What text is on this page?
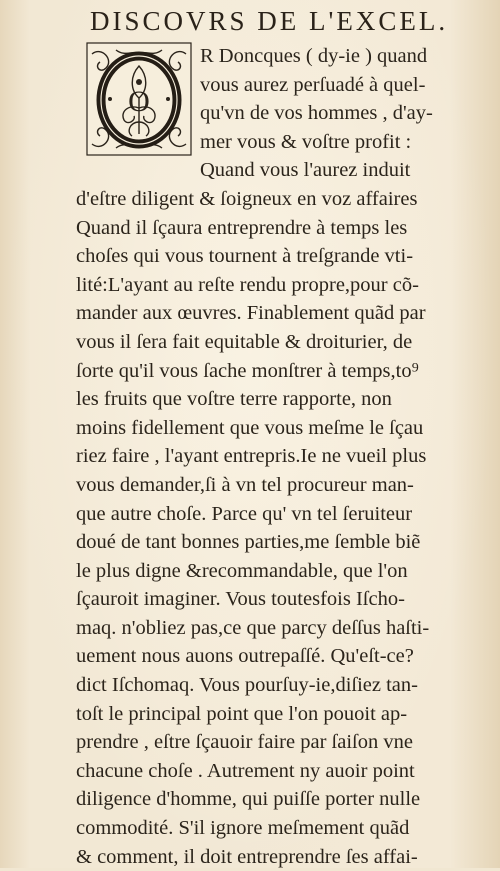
DISCOVRS DE L'EXCEL.
O
R Doncques ( dy-ie ) quand
vous aurez perſuadé à quel-
qu'vn de vos hommes , d'ay-
mer vous & voſtre profit :
Quand vous l'aurez induit
d'eſtre diligent & ſoigneux en voz affaires
Quand il ſçaura entreprendre à temps les
choſes qui vous tournent à treſgrande vti-
lité:L'ayant au reſte rendu propre,pour cõ-
mander aux œuvres. Finablement quãd par
vous il ſera fait equitable & droiturier, de
ſorte qu'il vous ſache monſtrer à temps,to⁹
les fruits que voſtre terre rapporte, non
moins fidellement que vous meſme le ſçau
riez faire , l'ayant entrepris.Ie ne vueil plus
vous demander,ſi à vn tel procureur man-
que autre choſe. Parce qu' vn tel ſeruiteur
doué de tant bonnes parties,me ſemble biẽ
le plus digne &recommandable, que l'on
ſçauroit imaginer. Vous toutesfois Iſcho-
maq. n'obliez pas,ce que parcy deſſus haſti-
uement nous auons outrepaſſé. Qu'eſt-ce?
dict Iſchomaq. Vous pourſuy-ie,diſiez tan-
toſt le principal point que l'on pouoit ap-
prendre , eſtre ſçauoir faire par ſaiſon vne
chacune choſe . Autrement ny auoir point
diligence d'homme, qui puiſſe porter nulle
commodité. S'il ignore meſmement quãd
& comment, il doit entreprendre ſes affai-
